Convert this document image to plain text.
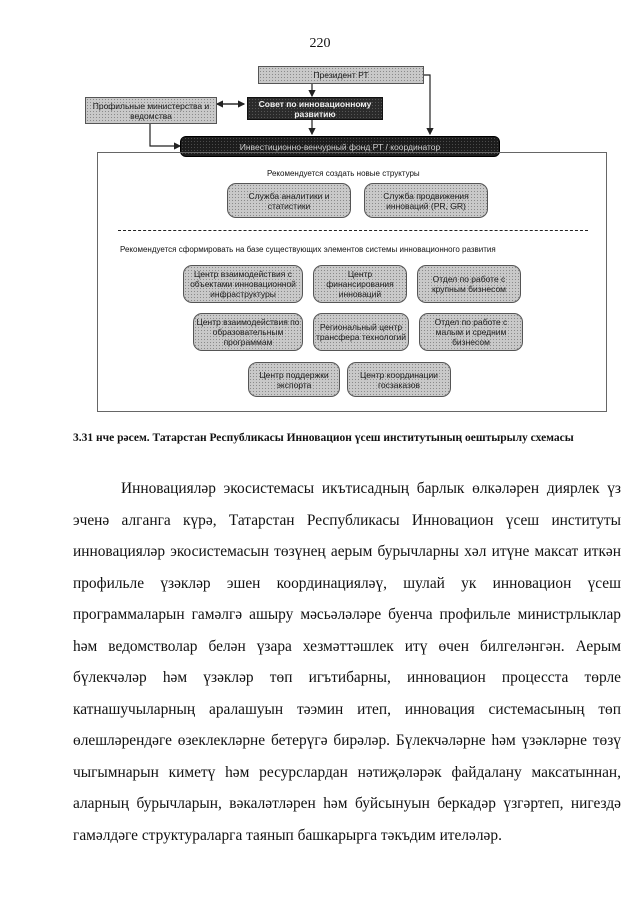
220
Президент РТ
Профильные министерства и ведомства
Совет по инновационному развитию
Инвестиционно-венчурный фонд РТ / координатор
Рекомендуется создать новые структуры
Служба аналитики и статистики
Служба продвижения инноваций (PR, GR)
Рекомендуется сформировать на базе существующих элементов системы инновационного развития
Центр взаимодействия с объектами инновационной инфраструктуры
Центр финансирования инноваций
Отдел по работе с крупным бизнесом
Центр взаимодействия по образовательным программам
Региональный центр трансфера технологий
Отдел по работе с малым и средним бизнесом
Центр поддержки экспорта
Центр координации госзаказов
3.31 нче рәсем. Татарстан Республикасы Инновацион үсеш институтының оештырылу схемасы

Инновацияләр экосистемасы икътисадның барлык өлкәләрен диярлек үз эченә алганга күрә, Татарстан Республикасы Инновацион үсеш институты инновацияләр экосистемасын төзүнең аерым бурычларны хәл итүне максат иткән профильле үзәкләр эшен координацияләү, шулай ук инновацион үсеш программаларын гамәлгә ашыру мәсьәләләре буенча профильле министрлыклар һәм ведомстволар белән үзара хезмәттәшлек итү өчен билгеләнгән. Аерым бүлекчәләр һәм үзәкләр төп игътибарны, инновацион процесста төрле катнашучыларның аралашуын тәэмин итеп, инновация системасының төп өлешләрендәге өзеклекләрне бетерүгә бирәләр. Бүлекчәләрне һәм үзәкләрне төзү чыгымнарын киметү һәм ресурслардан нәтиҗәләрәк файдалану максатыннан, аларның бурычларын, вәкаләтләрен һәм буйсынуын беркадәр үзгәртеп, нигездә гамәлдәге структураларга таянып башкарырга тәкъдим ителәләр.
